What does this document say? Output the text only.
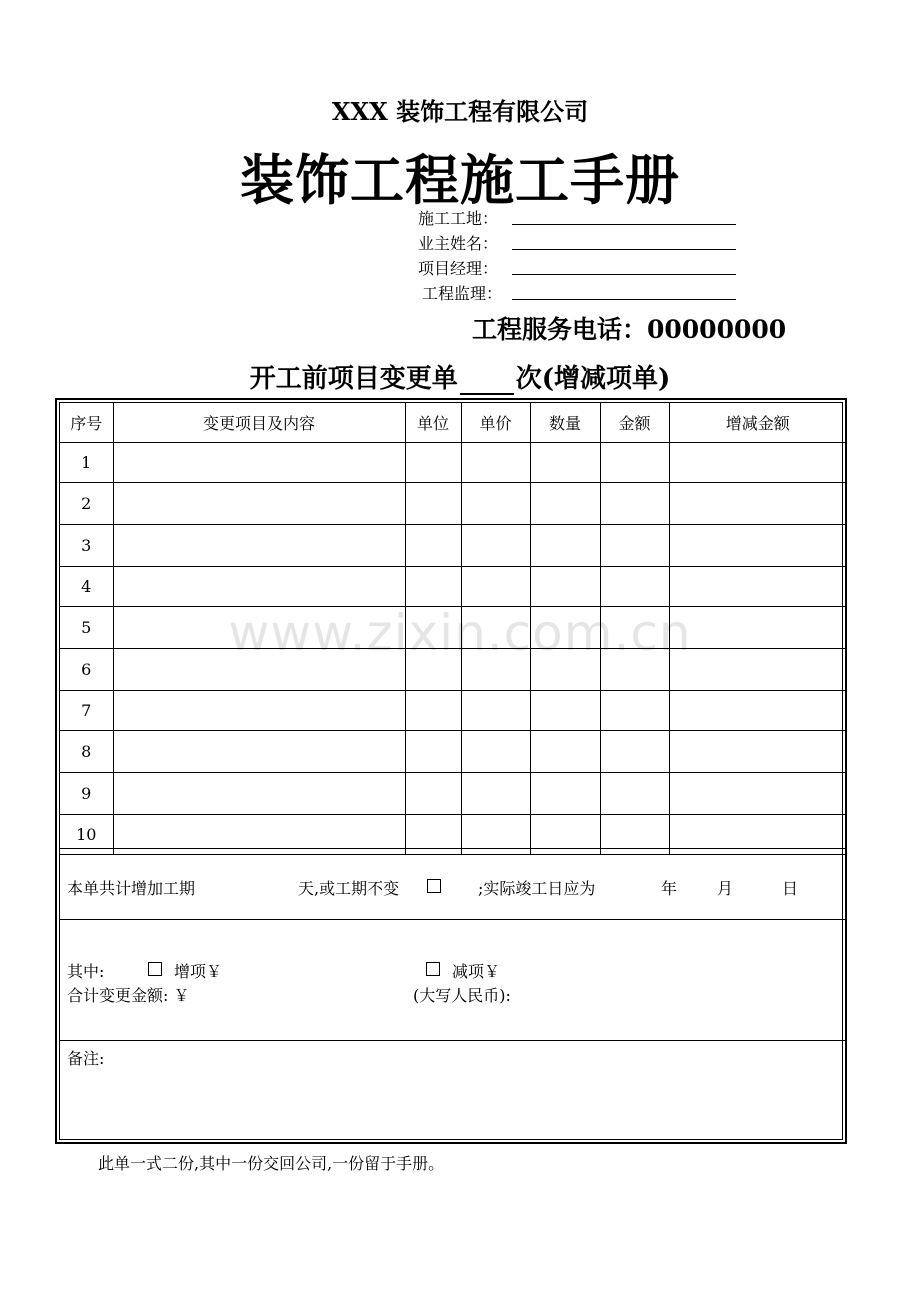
XXX 装饰工程有限公司
装饰工程施工手册
施工工地：
业主姓名：
项目经理：
工程监理：
工程服务电话：00000000
开工前项目变更单 次(增减项单)
序号	变更项目及内容	单位	单价	数量	金额	增减金额
1						
2						
3						
4						
5						
6						
7						
8						
9						
10						
本单共计增加工期	天,或工期不变	;实际竣工日应为	年 月	日
其中:	增项￥	减项￥
合计变更金额: ￥	(大写人民币):
备注:
此单一式二份,其中一份交回公司,一份留于手册。
www.zixin.com.cn
